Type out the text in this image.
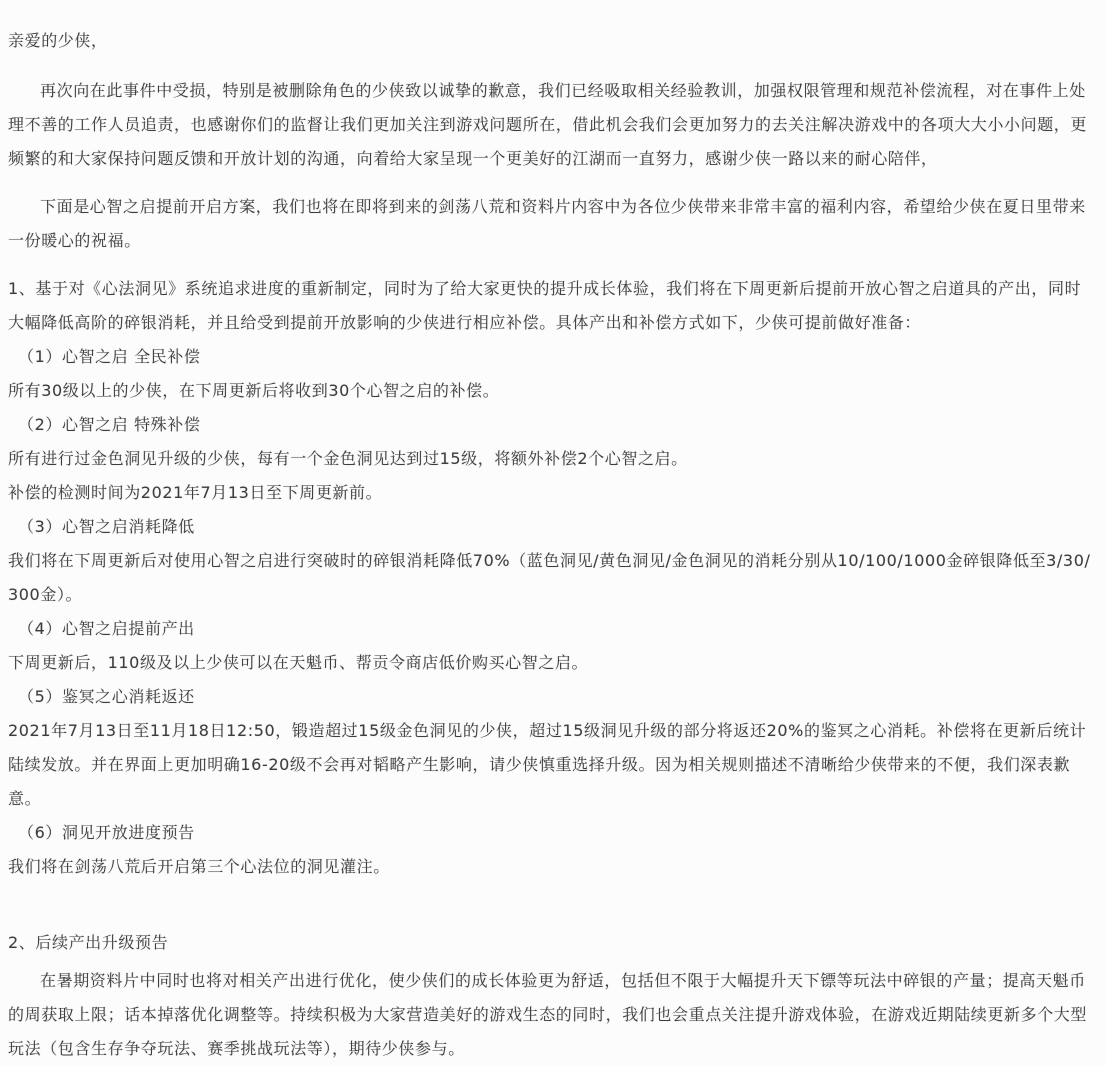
亲爱的少侠，

再次向在此事件中受损，特别是被删除角色的少侠致以诚挚的歉意，我们已经吸取相关经验教训，加强权限管理和规范补偿流程，对在事件上处理不善的工作人员追责，也感谢你们的监督让我们更加关注到游戏问题所在，借此机会我们会更加努力的去关注解决游戏中的各项大大小小问题，更频繁的和大家保持问题反馈和开放计划的沟通，向着给大家呈现一个更美好的江湖而一直努力，感谢少侠一路以来的耐心陪伴，

下面是心智之启提前开启方案，我们也将在即将到来的剑荡八荒和资料片内容中为各位少侠带来非常丰富的福利内容，希望给少侠在夏日里带来一份暖心的祝福。

1、基于对《心法洞见》系统追求进度的重新制定，同时为了给大家更快的提升成长体验，我们将在下周更新后提前开放心智之启道具的产出，同时大幅降低高阶的碎银消耗，并且给受到提前开放影响的少侠进行相应补偿。具体产出和补偿方式如下，少侠可提前做好准备：

（1）心智之启 全民补偿

所有30级以上的少侠，在下周更新后将收到30个心智之启的补偿。

（2）心智之启 特殊补偿

所有进行过金色洞见升级的少侠，每有一个金色洞见达到过15级，将额外补偿2个心智之启。

补偿的检测时间为2021年7月13日至下周更新前。

（3）心智之启消耗降低

我们将在下周更新后对使用心智之启进行突破时的碎银消耗降低70%（蓝色洞见/黄色洞见/金色洞见的消耗分别从10/100/1000金碎银降低至3/30/300金）。

（4）心智之启提前产出

下周更新后，110级及以上少侠可以在天魁币、帮贡令商店低价购买心智之启。

（5）鉴冥之心消耗返还

2021年7月13日至11月18日12:50，锻造超过15级金色洞见的少侠，超过15级洞见升级的部分将返还20%的鉴冥之心消耗。补偿将在更新后统计陆续发放。并在界面上更加明确16-20级不会再对韬略产生影响，请少侠慎重选择升级。因为相关规则描述不清晰给少侠带来的不便，我们深表歉意。

（6）洞见开放进度预告

我们将在剑荡八荒后开启第三个心法位的洞见灌注。

2、后续产出升级预告

在暑期资料片中同时也将对相关产出进行优化，使少侠们的成长体验更为舒适，包括但不限于大幅提升天下镖等玩法中碎银的产量；提高天魁币的周获取上限；话本掉落优化调整等。持续积极为大家营造美好的游戏生态的同时，我们也会重点关注提升游戏体验，在游戏近期陆续更新多个大型玩法（包含生存争夺玩法、赛季挑战玩法等），期待少侠参与。
